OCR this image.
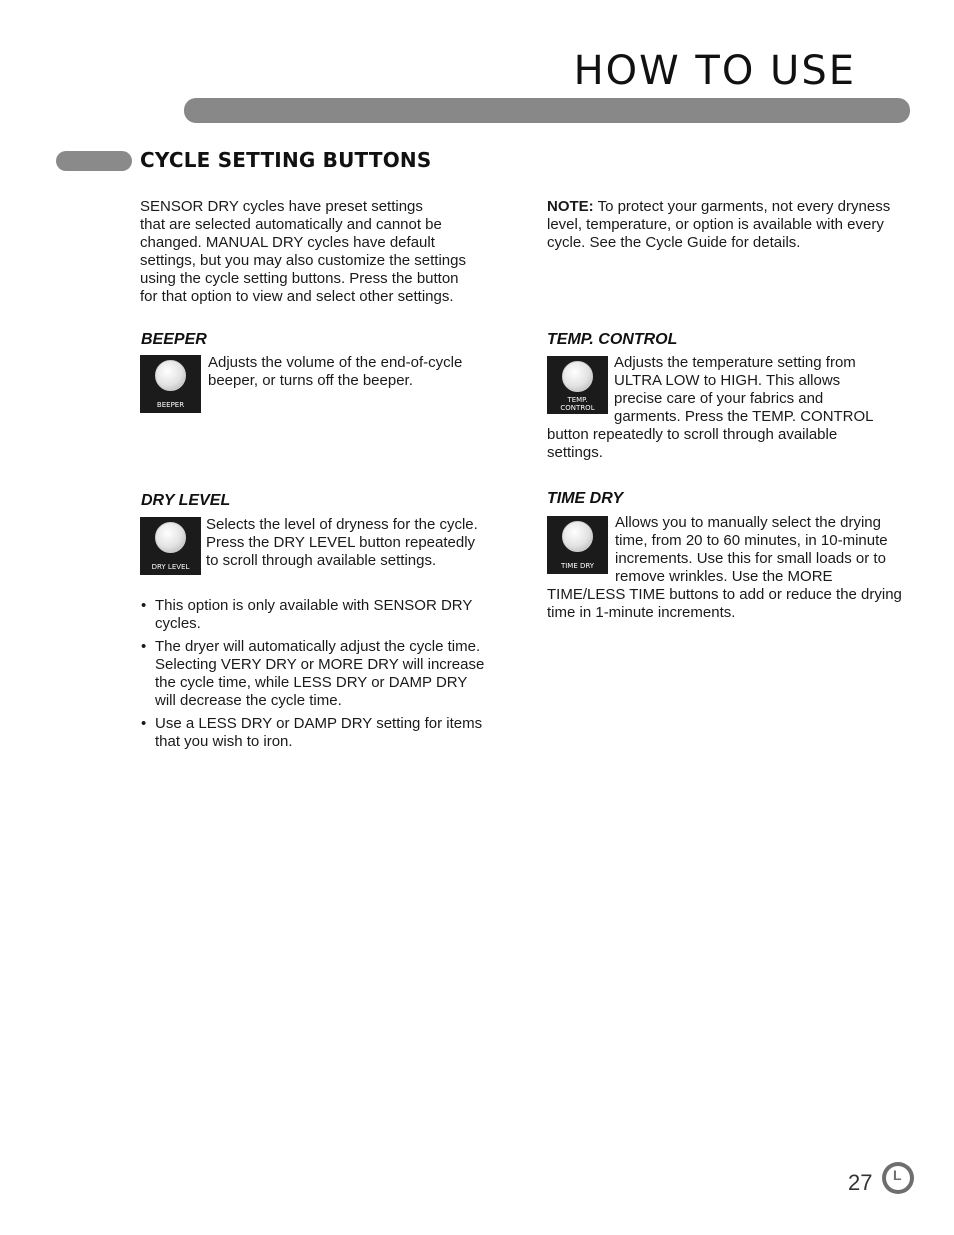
HOW TO USE
CYCLE SETTING BUTTONS
SENSOR DRY cycles have preset settings
that are selected automatically and cannot be
changed. MANUAL DRY cycles have default
settings, but you may also customize the settings
using the cycle setting buttons. Press the button
for that option to view and select other settings.

NOTE: To protect your garments, not every dryness level, temperature, or option is available with every cycle. See the Cycle Guide for details.

BEEPER
BEEPER

Adjusts the volume of the end-of-cycle beeper, or turns off the beeper.

TEMP. CONTROL
TEMP.
CONTROL

Adjusts the temperature setting from ULTRA LOW to HIGH. This allows precise care of your fabrics and garments. Press the TEMP. CONTROL button repeatedly to scroll through available settings.

DRY LEVEL
DRY LEVEL

Selects the level of dryness for the cycle. Press the DRY LEVEL button repeatedly to scroll through available settings.

• This option is only available with SENSOR DRY cycles.
• The dryer will automatically adjust the cycle time. Selecting VERY DRY or MORE DRY will increase the cycle time, while LESS DRY or DAMP DRY will decrease the cycle time.
• Use a LESS DRY or DAMP DRY setting for items that you wish to iron.
TIME DRY
TIME DRY

Allows you to manually select the drying time, from 20 to 60 minutes, in 10-minute increments. Use this for small loads or to remove wrinkles. Use the MORE TIME/LESS TIME buttons to add or reduce the drying time in 1-minute increments.

27 L
